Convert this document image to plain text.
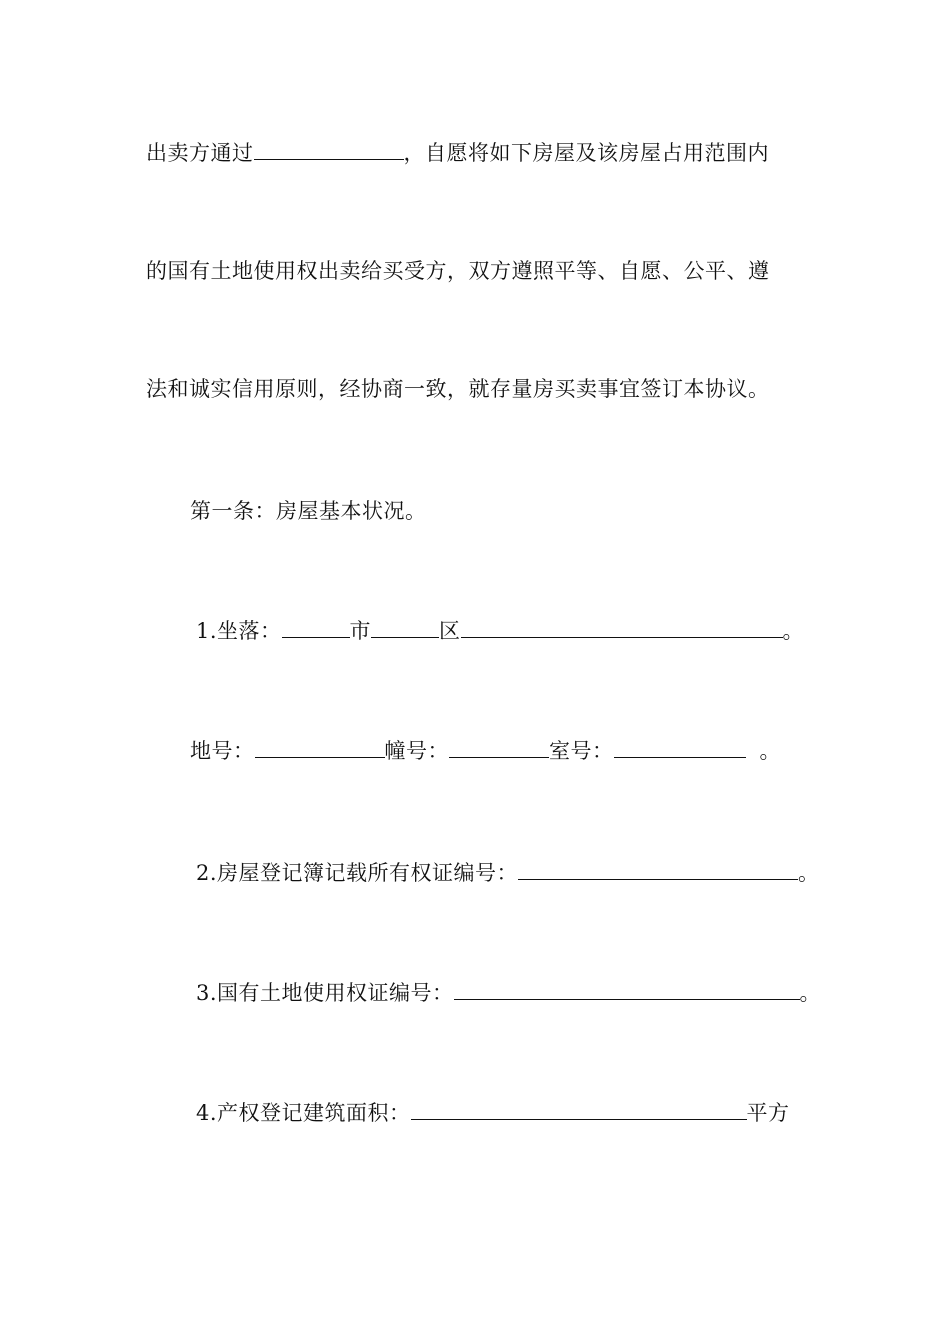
出卖方通过	，自愿将如下房屋及该房屋占用范围内
的国有土地使用权出卖给买受方，双方遵照平等、自愿、公平、遵
法和诚实信用原则，经协商一致，就存量房买卖事宜签订本协议。
第一条：房屋基本状况。
1.坐落：	市	区	。
地号：	幢号：	室号：	。
2.房屋登记簿记载所有权证编号：	。
3.国有土地使用权证编号：	。
4.产权登记建筑面积：	平方
